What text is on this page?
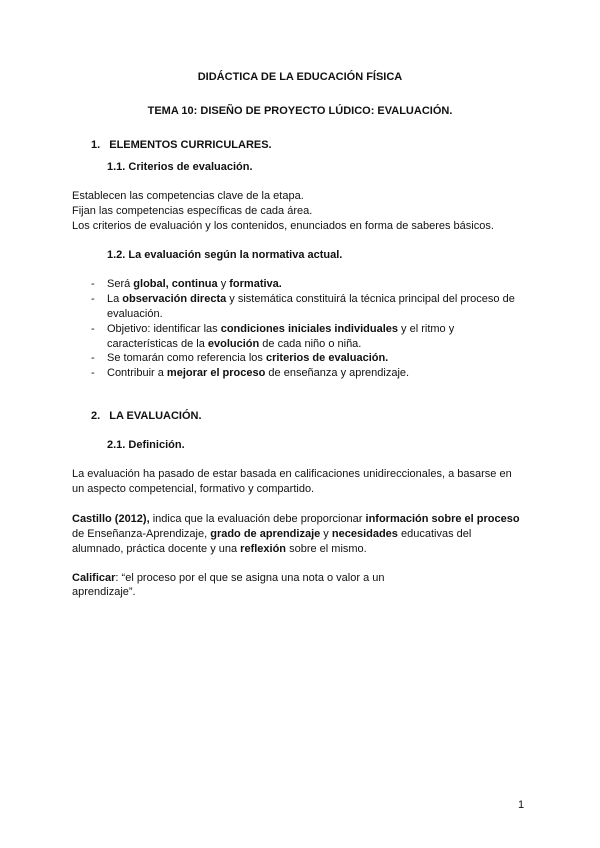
DIDÁCTICA DE LA EDUCACIÓN FÍSICA
TEMA 10: DISEÑO DE PROYECTO LÚDICO: EVALUACIÓN.
1. ELEMENTOS CURRICULARES.
1.1. Criterios de evaluación.
Establecen las competencias clave de la etapa.
Fijan las competencias específicas de cada área.
Los criterios de evaluación y los contenidos, enunciados en forma de saberes básicos.
1.2. La evaluación según la normativa actual.
- Será global, continua y formativa.
- La observación directa y sistemática constituirá la técnica principal del proceso de
evaluación.
- Objetivo: identificar las condiciones iniciales individuales y el ritmo y
características de la evolución de cada niño o niña.
- Se tomarán como referencia los criterios de evaluación.
- Contribuir a mejorar el proceso de enseñanza y aprendizaje.
2. LA EVALUACIÓN.
2.1. Definición.
La evaluación ha pasado de estar basada en calificaciones unidireccionales, a basarse en
un aspecto competencial, formativo y compartido.
Castillo (2012), indica que la evaluación debe proporcionar información sobre el proceso
de Enseñanza-Aprendizaje, grado de aprendizaje y necesidades educativas del
alumnado, práctica docente y una reflexión sobre el mismo.
Calificar: “el proceso por el que se asigna una nota o valor a un
aprendizaje”.
1
